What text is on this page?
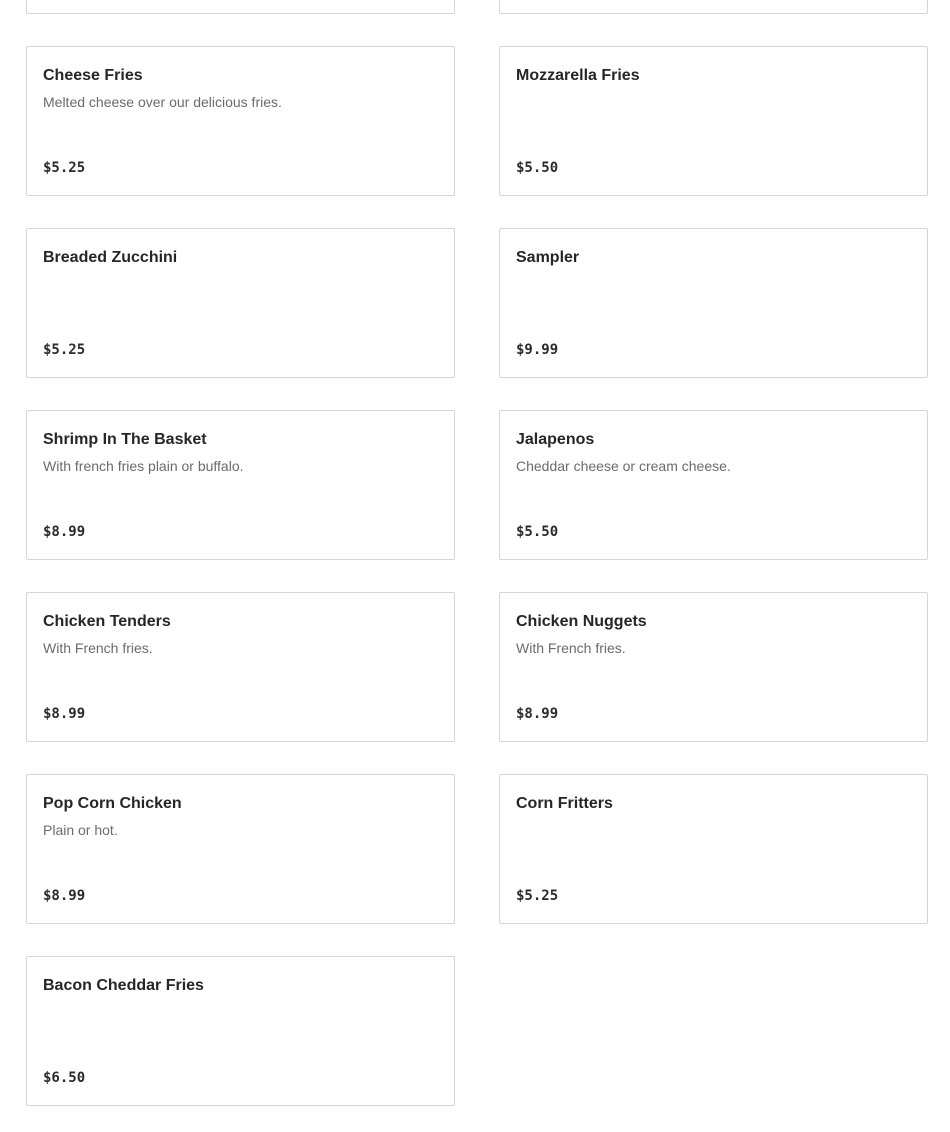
Cheese Fries
Melted cheese over our delicious fries.
$5.25
Mozzarella Fries
$5.50
Breaded Zucchini
$5.25
Sampler
$9.99
Shrimp In The Basket
With french fries plain or buffalo.
$8.99
Jalapenos
Cheddar cheese or cream cheese.
$5.50
Chicken Tenders
With French fries.
$8.99
Chicken Nuggets
With French fries.
$8.99
Pop Corn Chicken
Plain or hot.
$8.99
Corn Fritters
$5.25
Bacon Cheddar Fries
$6.50
